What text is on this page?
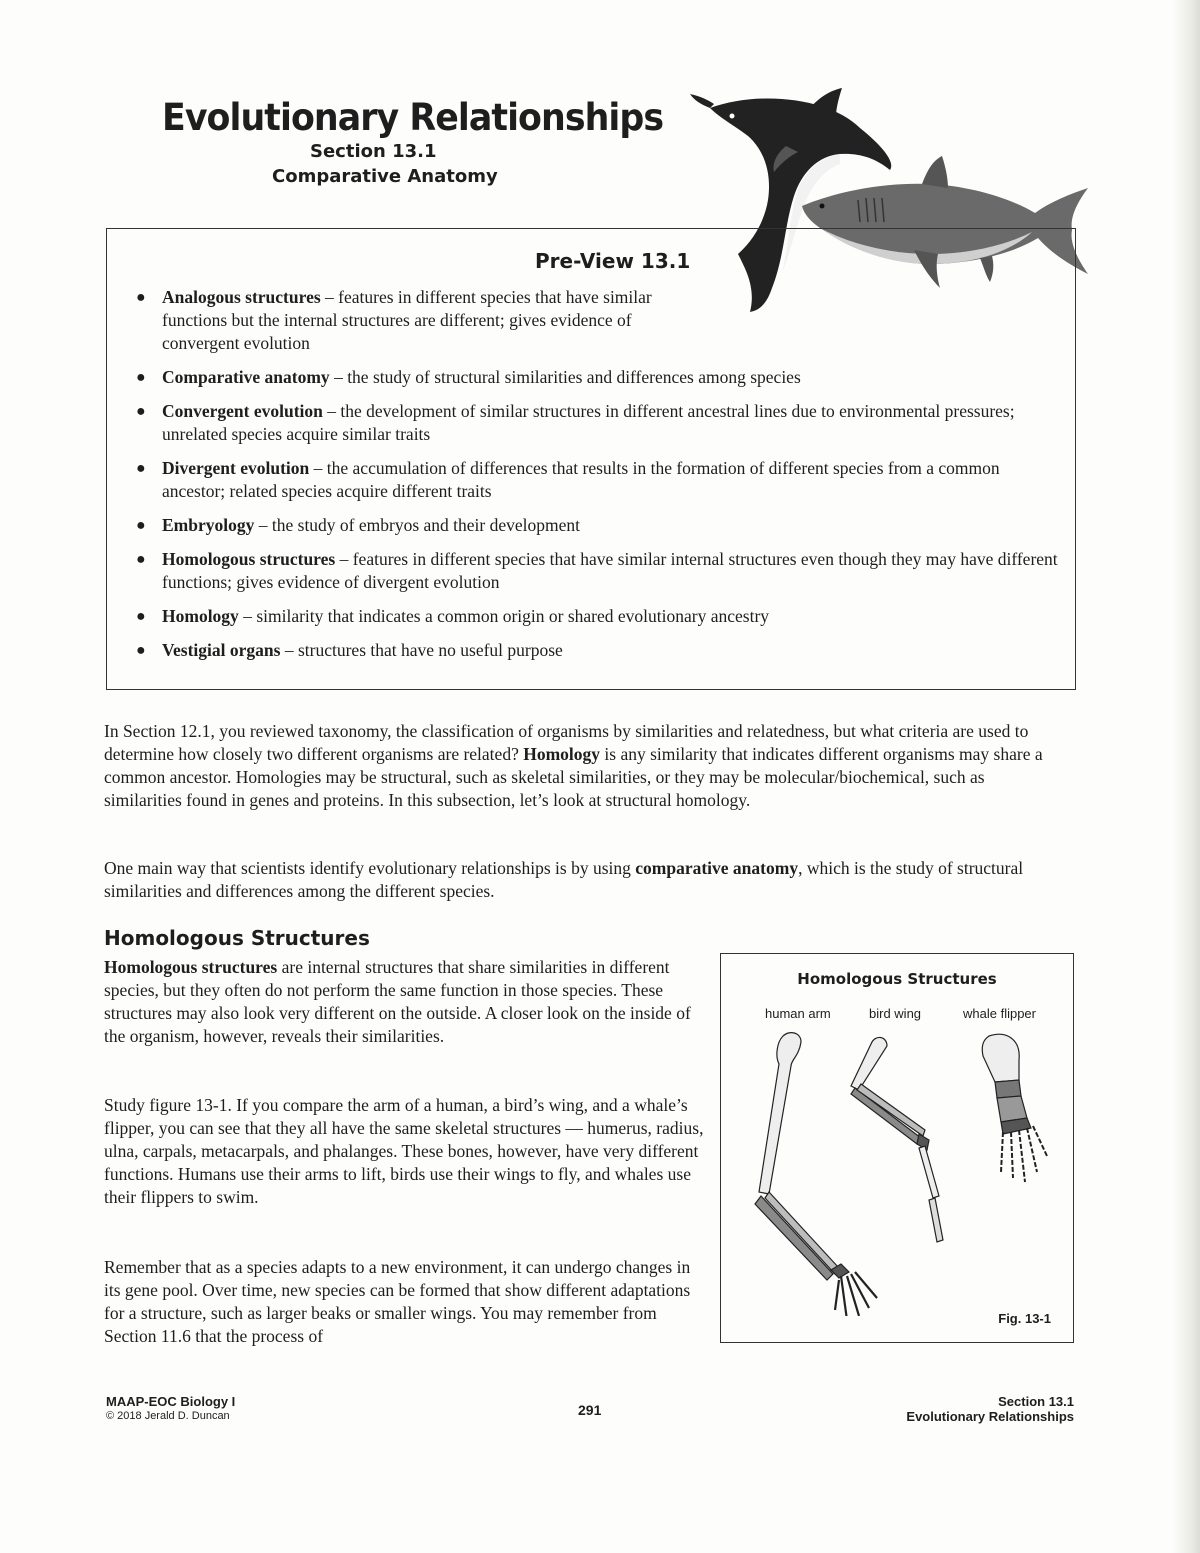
Evolutionary Relationships
Section 13.1
Comparative Anatomy
Pre-View 13.1
● Analogous structures – features in different species that have similar functions but the internal structures are different; gives evidence of convergent evolution
● Comparative anatomy – the study of structural similarities and differences among species
● Convergent evolution – the development of similar structures in different ancestral lines due to environmental pressures; unrelated species acquire similar traits
● Divergent evolution – the accumulation of differences that results in the formation of different species from a common ancestor; related species acquire different traits
● Embryology – the study of embryos and their development
● Homologous structures – features in different species that have similar internal structures even though they may have different functions; gives evidence of divergent evolution
● Homology – similarity that indicates a common origin or shared evolutionary ancestry
● Vestigial organs – structures that have no useful purpose

In Section 12.1, you reviewed taxonomy, the classification of organisms by similarities and relatedness, but what criteria are used to determine how closely two different organisms are related? Homology is any similarity that indicates different organisms may share a common ancestor. Homologies may be structural, such as skeletal similarities, or they may be molecular/biochemical, such as similarities found in genes and proteins. In this subsection, let’s look at structural homology.

One main way that scientists identify evolutionary relationships is by using comparative anatomy, which is the study of structural similarities and differences among the different species.

Homologous Structures

Homologous structures are internal structures that share similarities in different species, but they often do not perform the same function in those species. These structures may also look very different on the outside. A closer look on the inside of the organism, however, reveals their similarities.

Study figure 13-1. If you compare the arm of a human, a bird’s wing, and a whale’s flipper, you can see that they all have the same skeletal structures — humerus, radius, ulna, carpals, metacarpals, and phalanges. These bones, however, have very different functions. Humans use their arms to lift, birds use their wings to fly, and whales use their flippers to swim.

Remember that as a species adapts to a new environment, it can undergo changes in its gene pool. Over time, new species can be formed that show different adaptations for a structure, such as larger beaks or smaller wings. You may remember from Section 11.6 that the process of

Homologous Structures
human arm	bird wing	whale flipper
Fig. 13-1
MAAP-EOC Biology I
© 2018 Jerald D. Duncan	291
Section 13.1
Evolutionary Relationships
